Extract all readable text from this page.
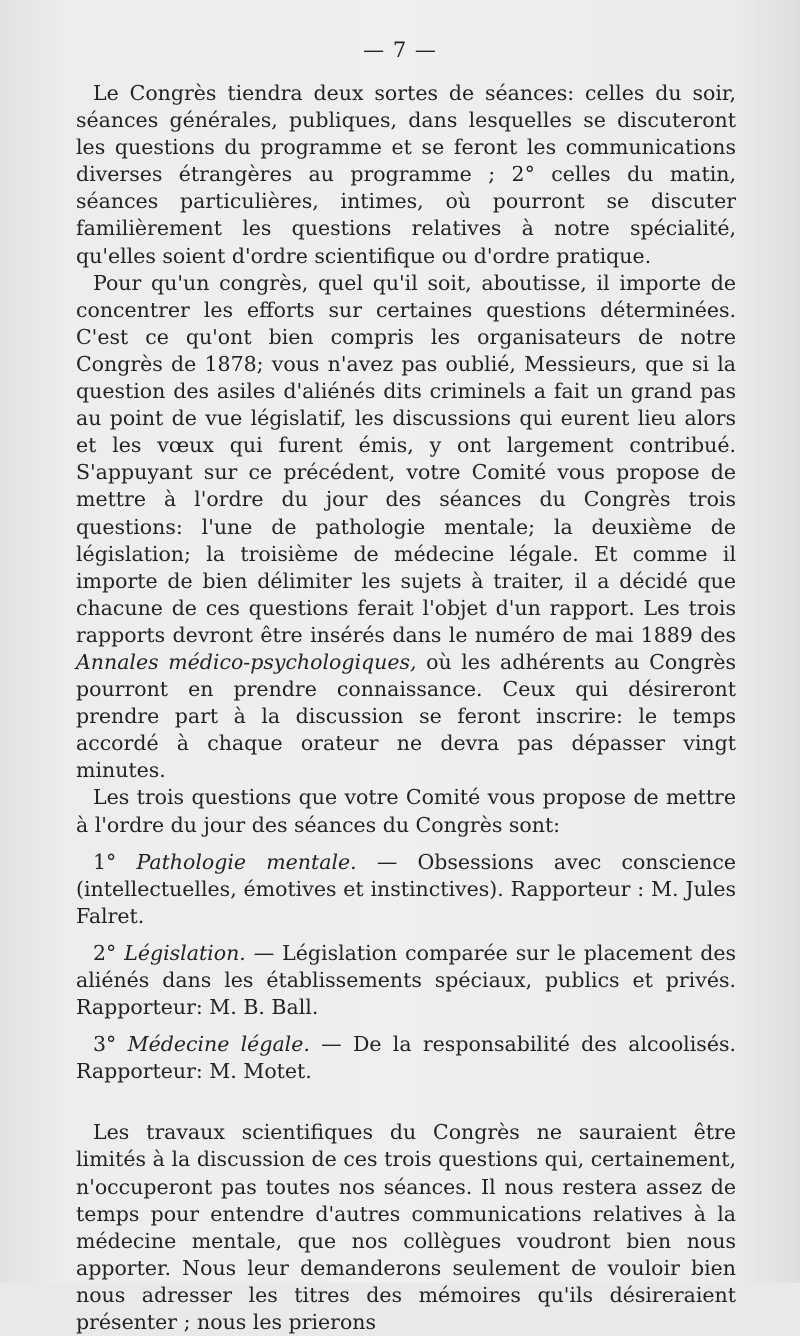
— 7 —

Le Congrès tiendra deux sortes de séances: celles du soir, séances générales, publiques, dans lesquelles se discuteront les questions du programme et se feront les communications diverses étrangères au programme ; 2° celles du matin, séances particulières, intimes, où pourront se discuter familièrement les questions relatives à notre spécialité, qu'elles soient d'ordre scientifique ou d'ordre pratique.

Pour qu'un congrès, quel qu'il soit, aboutisse, il importe de concentrer les efforts sur certaines questions déterminées. C'est ce qu'ont bien compris les organisateurs de notre Congrès de 1878; vous n'avez pas oublié, Messieurs, que si la question des asiles d'aliénés dits criminels a fait un grand pas au point de vue législatif, les discussions qui eurent lieu alors et les vœux qui furent émis, y ont largement contribué. S'appuyant sur ce précédent, votre Comité vous propose de mettre à l'ordre du jour des séances du Congrès trois questions: l'une de pathologie mentale; la deuxième de législation; la troisième de médecine légale. Et comme il importe de bien délimiter les sujets à traiter, il a décidé que chacune de ces questions ferait l'objet d'un rapport. Les trois rapports devront être insérés dans le numéro de mai 1889 des Annales médico-psychologiques, où les adhérents au Congrès pourront en prendre connaissance. Ceux qui désireront prendre part à la discussion se feront inscrire: le temps accordé à chaque orateur ne devra pas dépasser vingt minutes.

Les trois questions que votre Comité vous propose de mettre à l'ordre du jour des séances du Congrès sont:

1° Pathologie mentale. — Obsessions avec conscience (intellectuelles, émotives et instinctives). Rapporteur : M. Jules Falret.

2° Législation. — Législation comparée sur le placement des aliénés dans les établissements spéciaux, publics et privés. Rapporteur: M. B. Ball.

3° Médecine légale. — De la responsabilité des alcoolisés. Rapporteur: M. Motet.

Les travaux scientifiques du Congrès ne sauraient être limités à la discussion de ces trois questions qui, certainement, n'occuperont pas toutes nos séances. Il nous restera assez de temps pour entendre d'autres communications relatives à la médecine mentale, que nos collègues voudront bien nous apporter. Nous leur demanderons seulement de vouloir bien nous adresser les titres des mémoires qu'ils désireraient présenter ; nous les prierons
